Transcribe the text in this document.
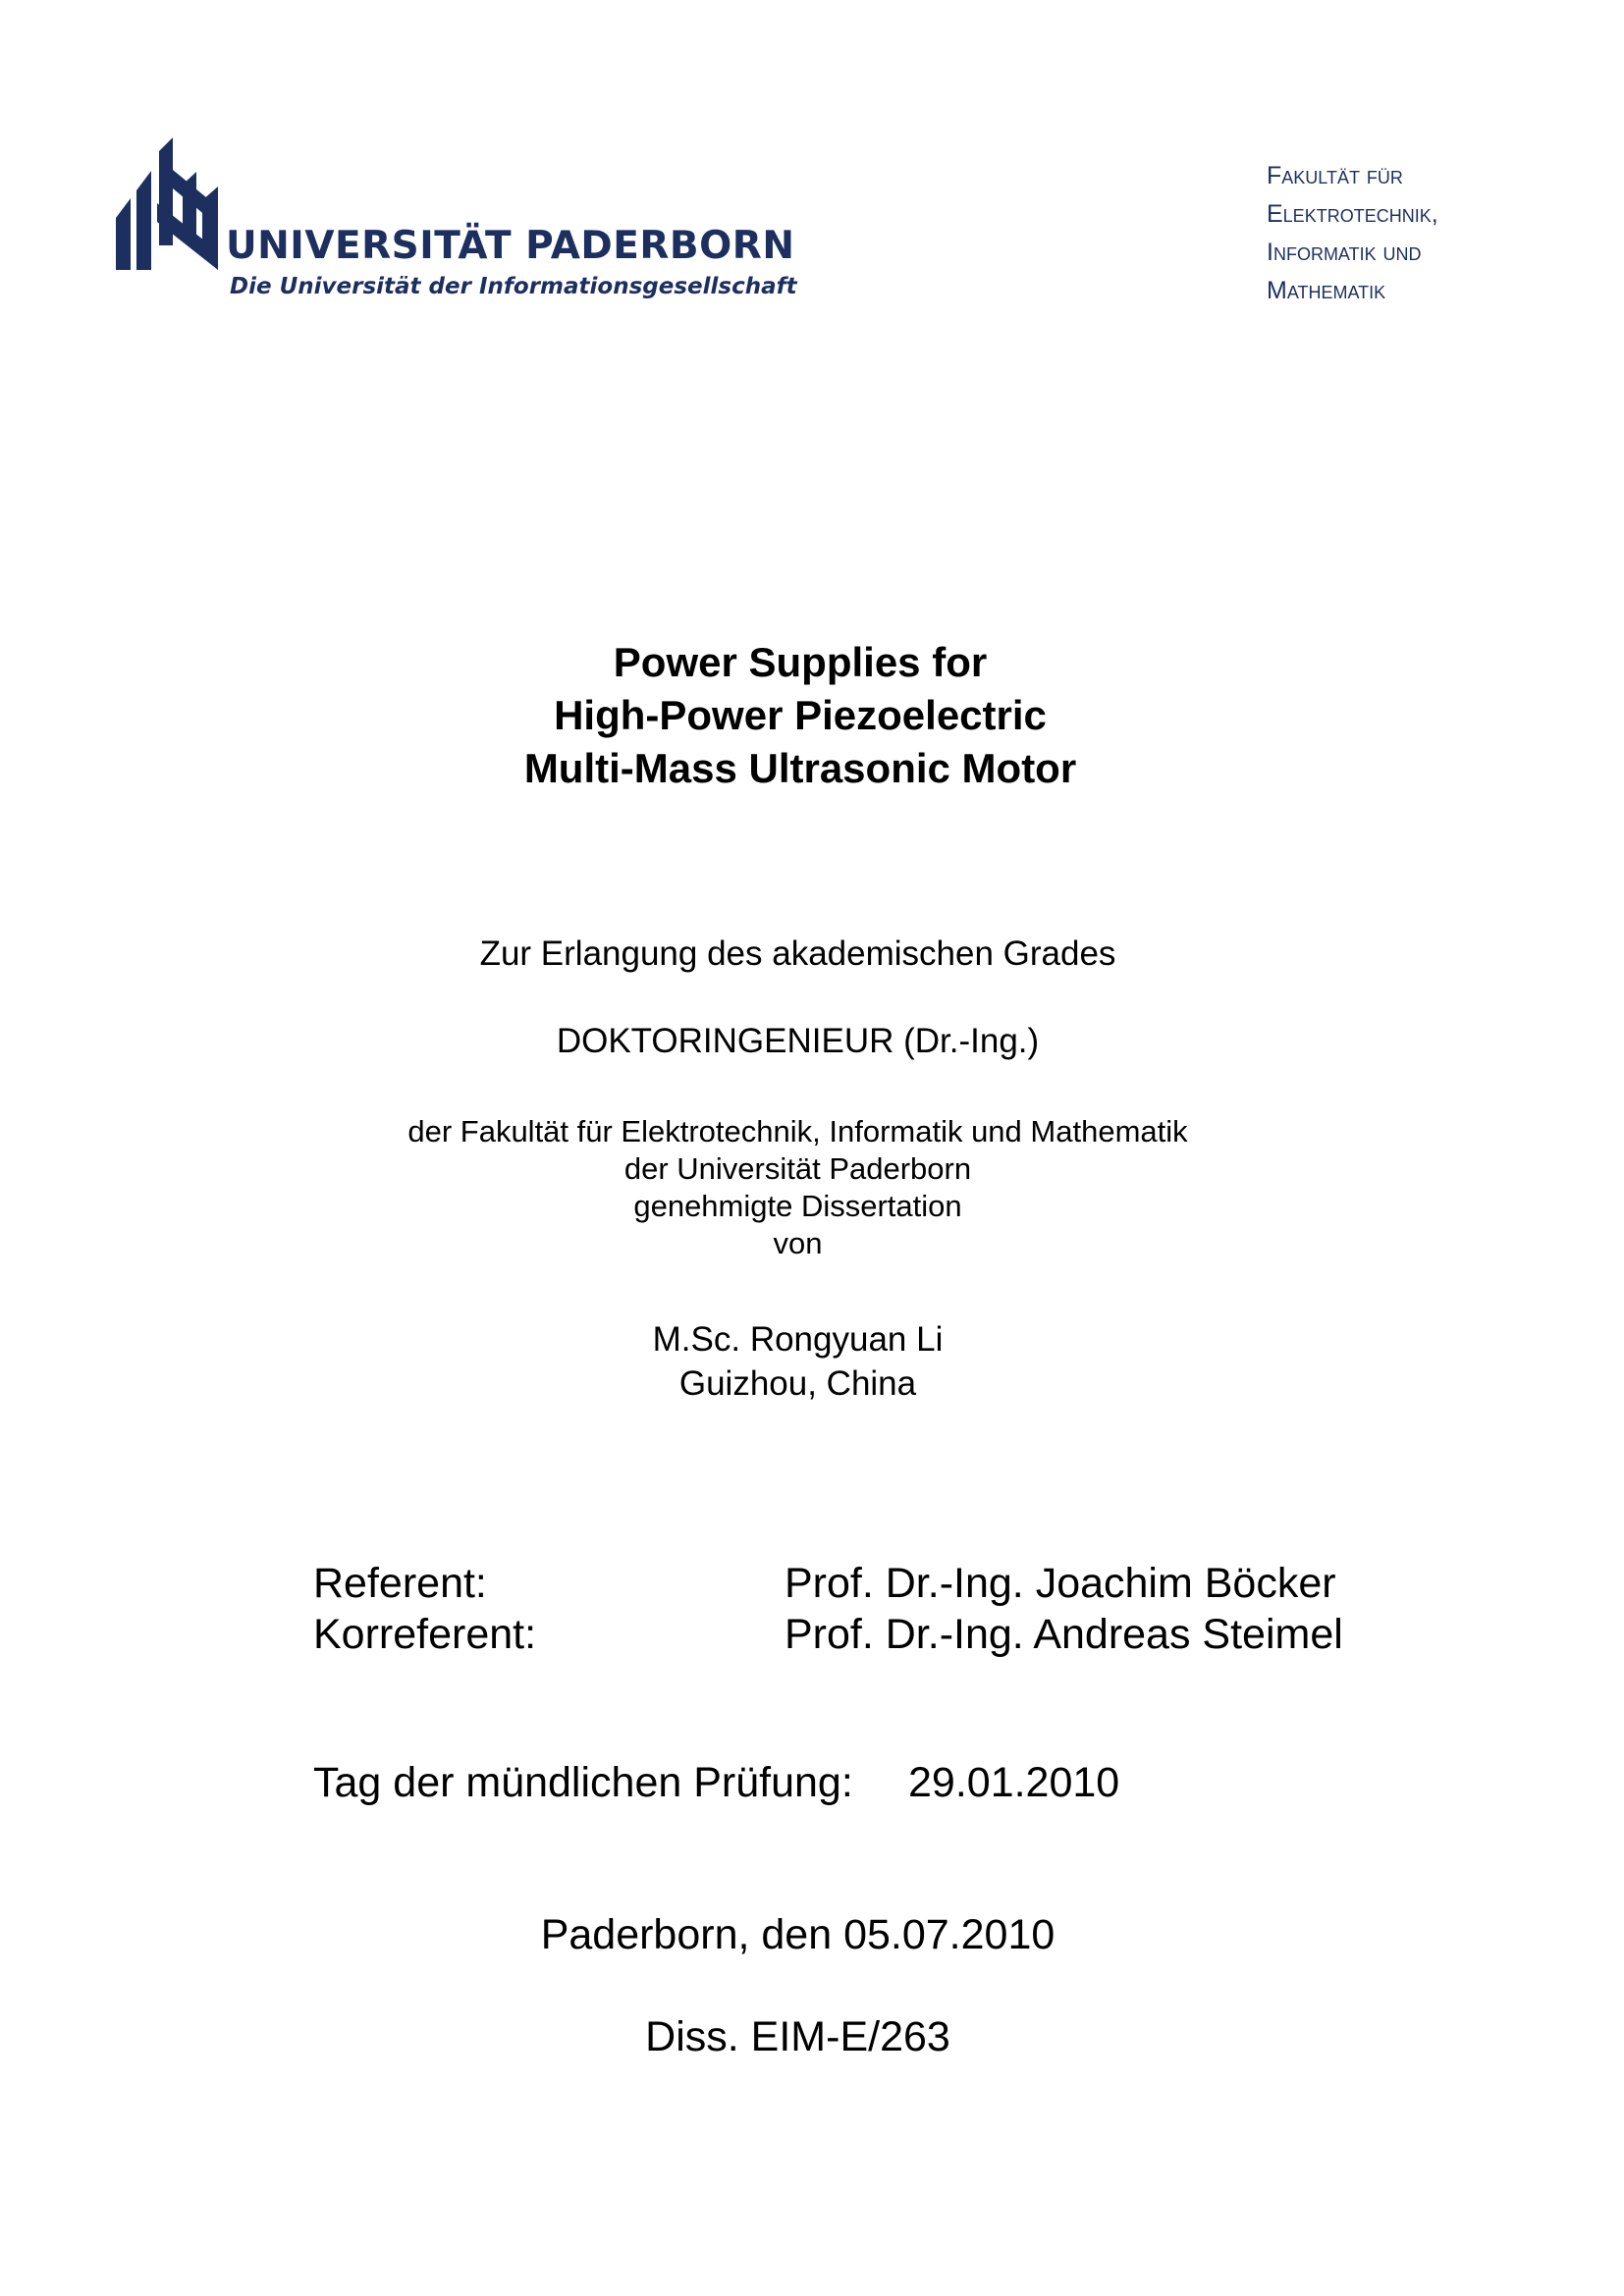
UNIVERSITÄT PADERBORN
Die Universität der Informationsgesellschaft
Fakultät für
Elektrotechnik,
Informatik und
Mathematik
Power Supplies for
High-Power Piezoelectric
Multi-Mass Ultrasonic Motor
Zur Erlangung des akademischen Grades
DOKTORINGENIEUR (Dr.-Ing.)
der Fakultät für Elektrotechnik, Informatik und Mathematik
der Universität Paderborn
genehmigte Dissertation
von
M.Sc. Rongyuan Li
Guizhou, China
Referent:	Prof. Dr.-Ing. Joachim Böcker
Korreferent:	Prof. Dr.-Ing. Andreas Steimel
Tag der mündlichen Prüfung: 29.01.2010
Paderborn, den 05.07.2010
Diss. EIM-E/263
